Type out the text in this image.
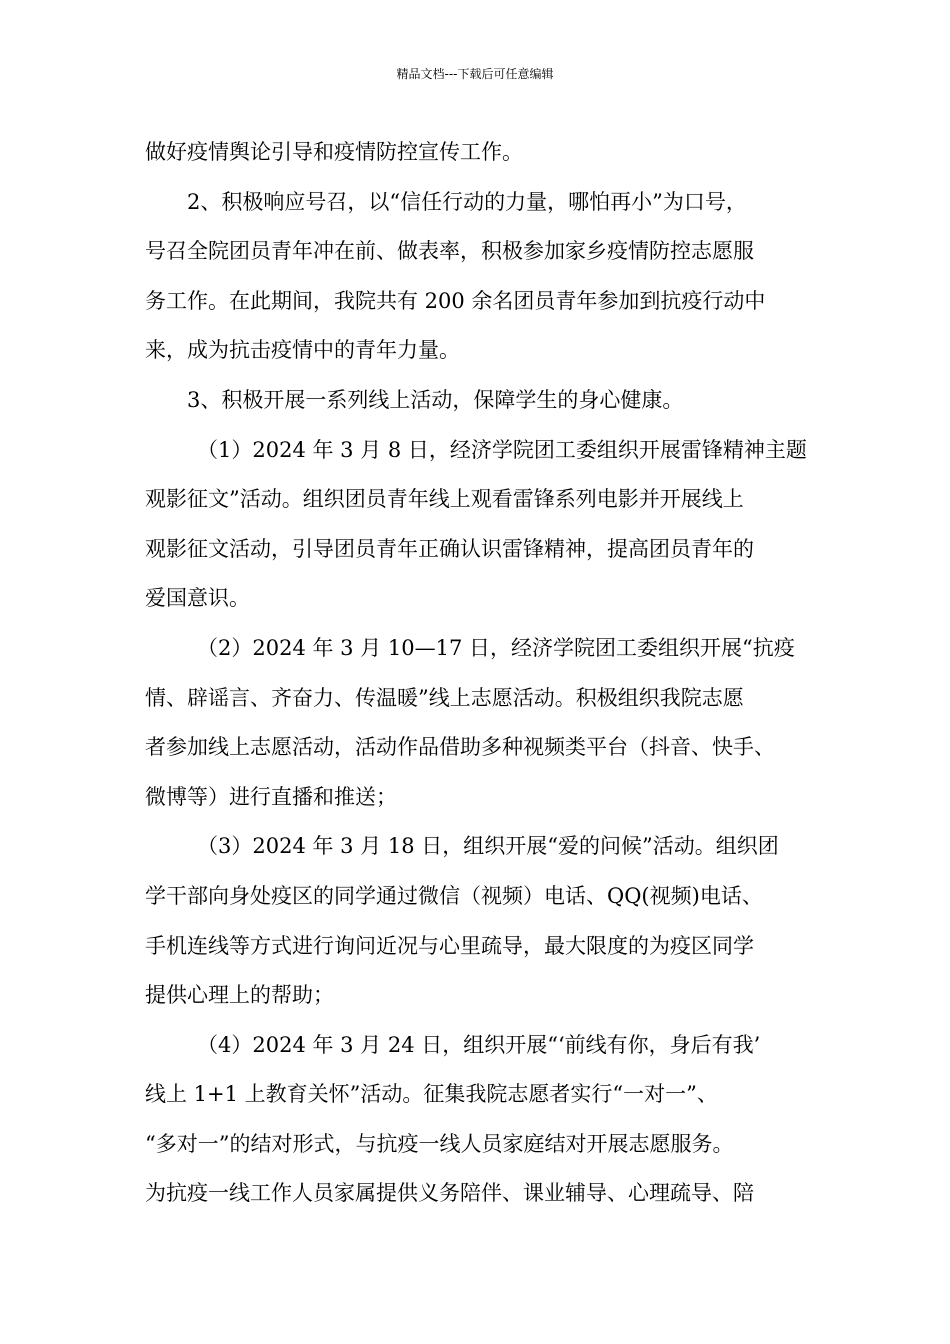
精品文档---下载后可任意编辑
做好疫情舆论引导和疫情防控宣传工作。
2、积极响应号召，以“信任行动的力量，哪怕再小”为口号，
号召全院团员青年冲在前、做表率，积极参加家乡疫情防控志愿服
务工作。在此期间，我院共有 200 余名团员青年参加到抗疫行动中
来，成为抗击疫情中的青年力量。
3、积极开展一系列线上活动，保障学生的身心健康。
（1）2024 年 3 月 8 日，经济学院团工委组织开展雷锋精神主题
观影征文”活动。组织团员青年线上观看雷锋系列电影并开展线上
观影征文活动，引导团员青年正确认识雷锋精神，提高团员青年的
爱国意识。
（2）2024 年 3 月 10—17 日，经济学院团工委组织开展“抗疫
情、辟谣言、齐奋力、传温暖”线上志愿活动。积极组织我院志愿
者参加线上志愿活动，活动作品借助多种视频类平台（抖音、快手、
微博等）进行直播和推送；
（3）2024 年 3 月 18 日，组织开展“爱的问候”活动。组织团
学干部向身处疫区的同学通过微信（视频）电话、QQ(视频)电话、
手机连线等方式进行询问近况与心里疏导，最大限度的为疫区同学
提供心理上的帮助；
（4）2024 年 3 月 24 日，组织开展“‘前线有你，身后有我’
线上 1+1 上教育关怀”活动。征集我院志愿者实行“一对一”、
“多对一”的结对形式，与抗疫一线人员家庭结对开展志愿服务。
为抗疫一线工作人员家属提供义务陪伴、课业辅导、心理疏导、陪
